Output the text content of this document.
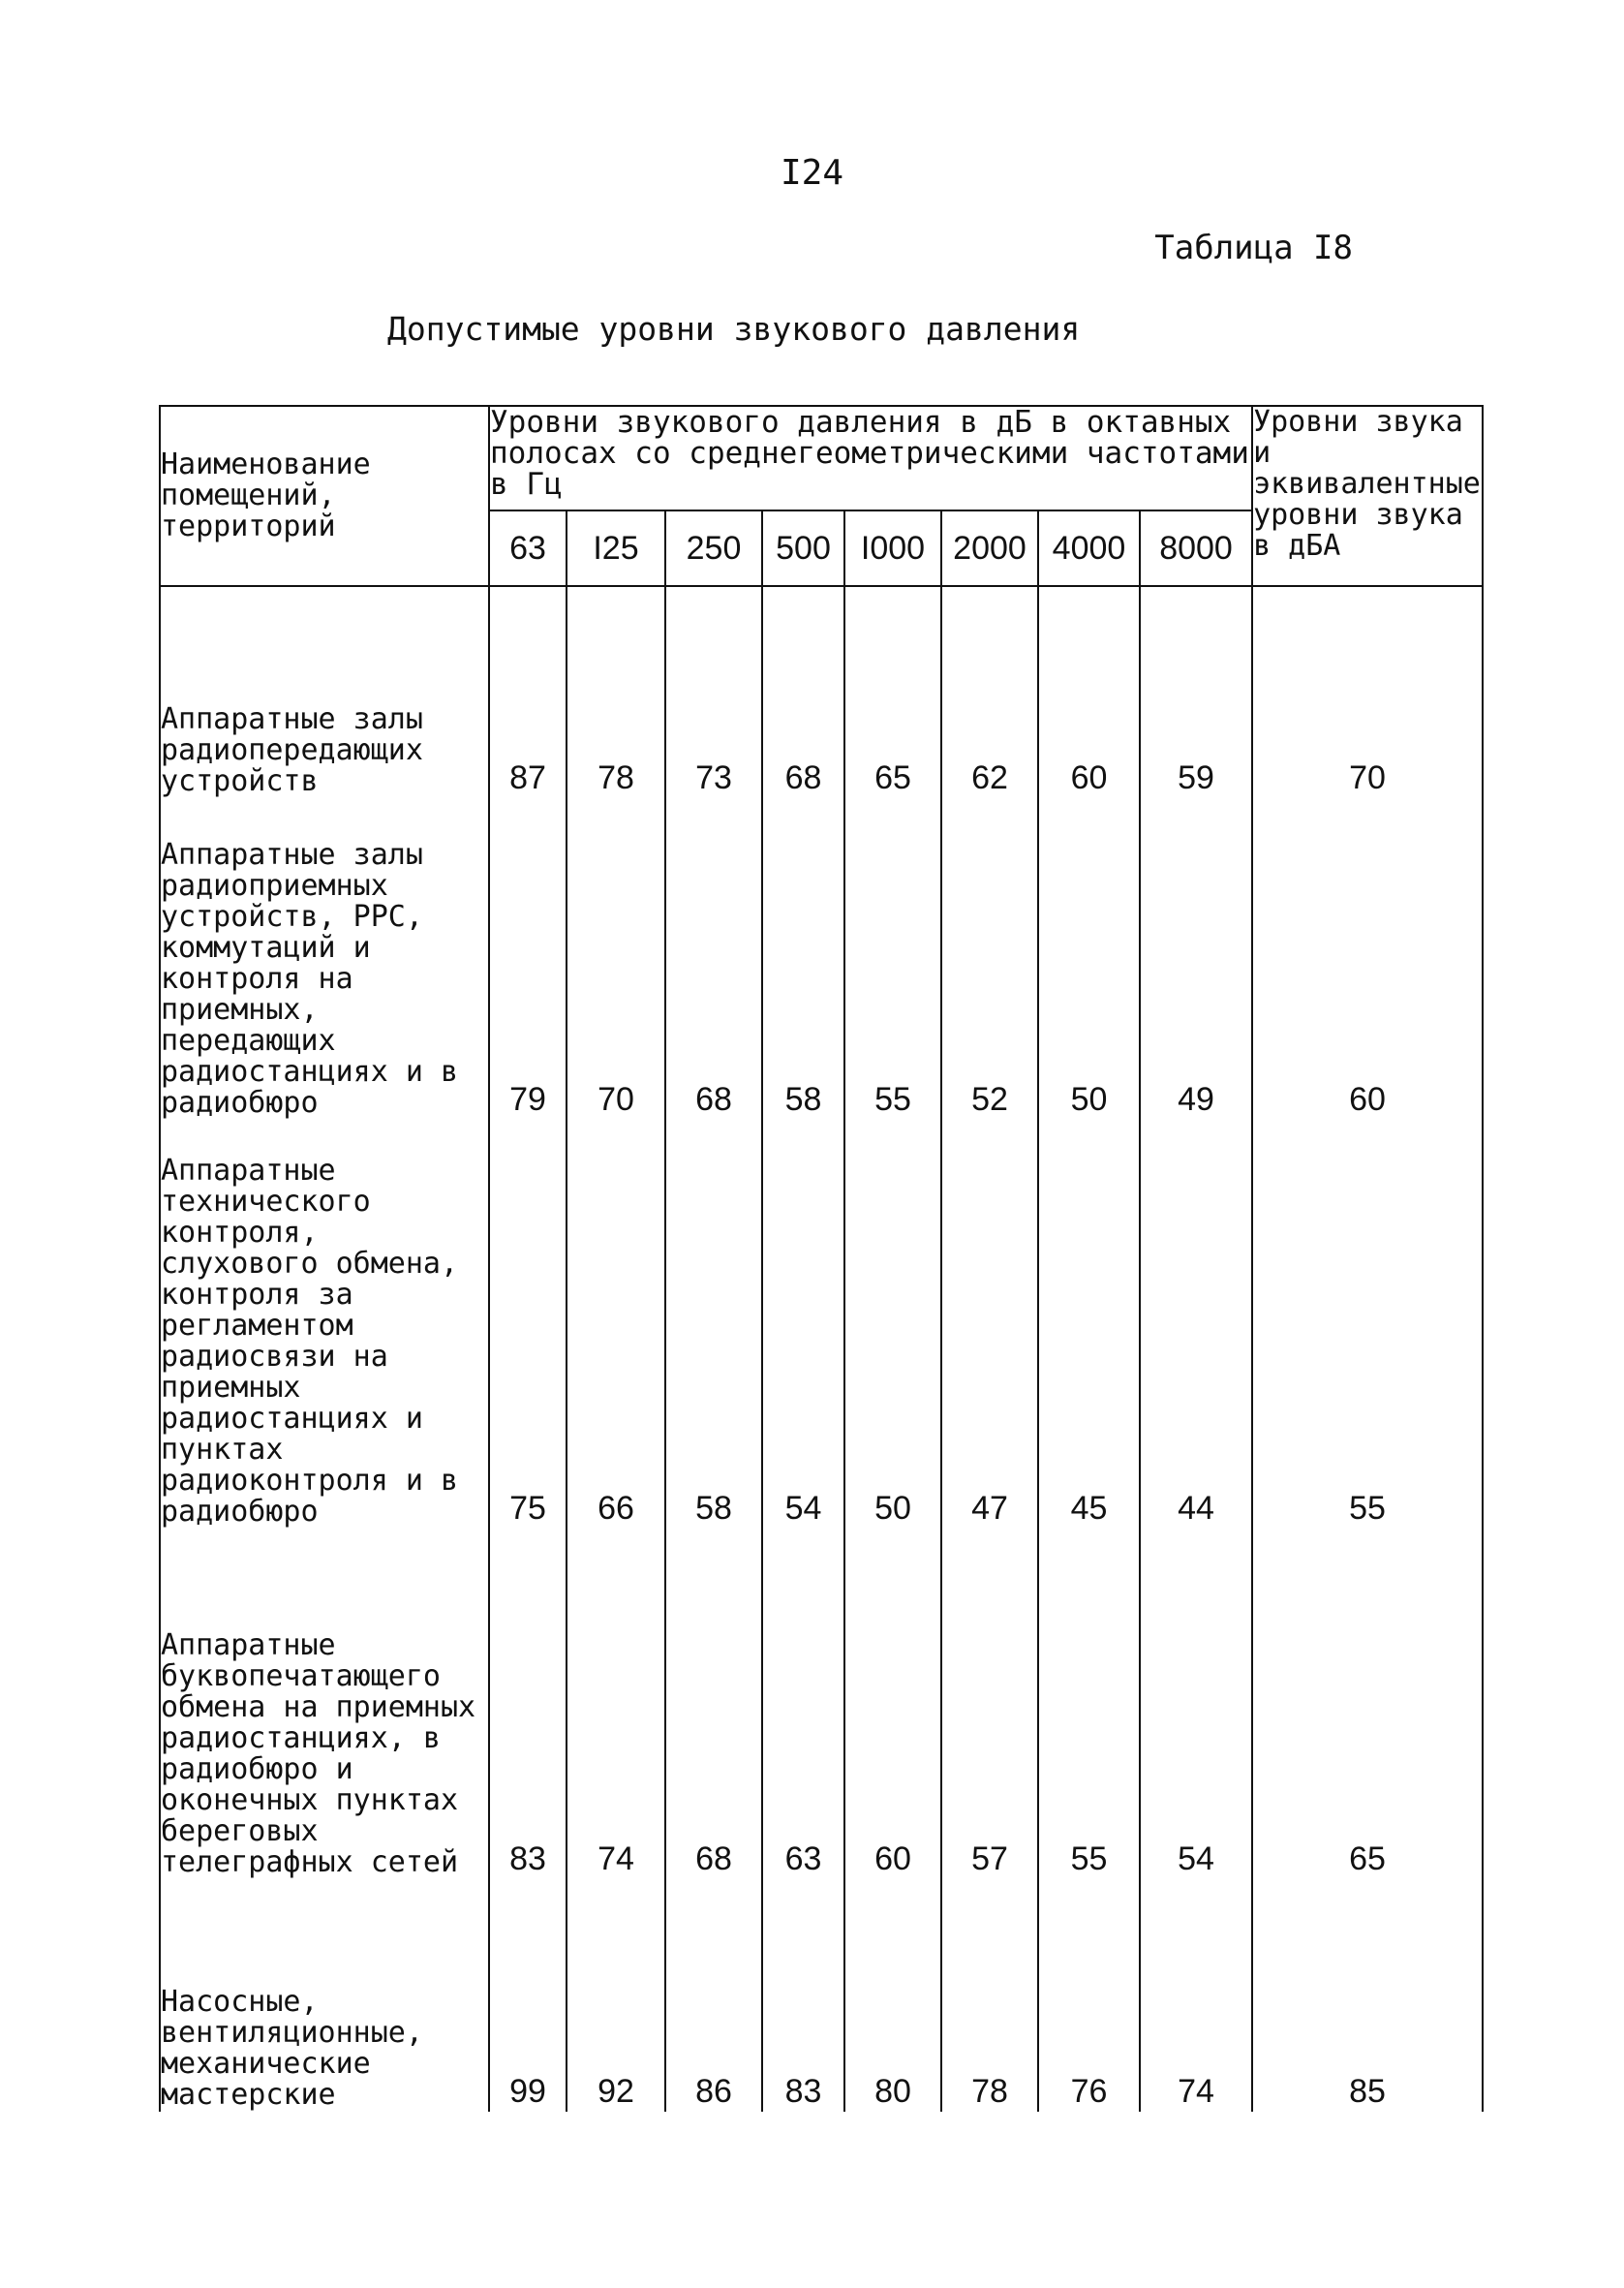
I24
Таблица I8
Допустимые уровни звукового давления
Наименование помещений, территорий	Уровни звукового давления в дБ в октавных полосах со среднегеометрическими частотами в Гц								Уровни звука и эквивалентные уровни звука в дБА
	63	I25	250	500	I000	2000	4000	8000	
Аппаратные залы радиопередающих устройств	87	78	73	68	65	62	60	59	70
Аппаратные залы радиоприемных устройств, РРС, коммутаций и контроля на приемных, передающих радиостанциях и в радиобюро	79	70	68	58	55	52	50	49	60
Аппаратные технического контроля, слухового обмена, контроля за регламентом радиосвязи на приемных радиостанциях и пунктах радиоконтроля и в радиобюро	75	66	58	54	50	47	45	44	55
Аппаратные буквопечатающего обмена на приемных радиостанциях, в радиобюро и оконечных пунктах береговых телеграфных сетей	83	74	68	63	60	57	55	54	65
Насосные, вентиляционные, механические мастерские	99	92	86	83	80	78	76	74	85
